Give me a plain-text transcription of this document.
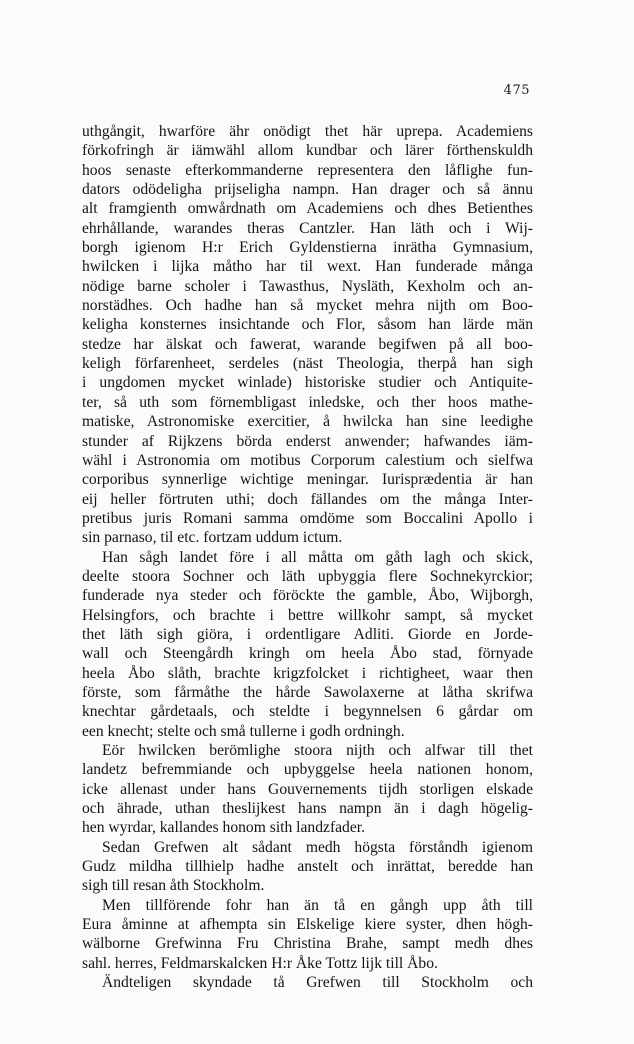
475
uthgångit, hwarföre ähr onödigt thet här uprepa. Academiens
förkofringh är iämwähl allom kundbar och lärer förthenskuldh
hoos senaste efterkommanderne representera den låflighe fun-
dators odödeligha prijseligha nampn. Han drager och så ännu
alt framgienth omwårdnath om Academiens och dhes Betienthes
ehrhållande, warandes theras Cantzler. Han läth och i Wij-
borgh igienom H:r Erich Gyldenstierna inrätha Gymnasium,
hwilcken i lijka måtho har til wext. Han funderade många
nödige barne scholer i Tawasthus, Nysläth, Kexholm och an-
norstädhes. Och hadhe han så mycket mehra nijth om Boo-
keligha konsternes insichtande och Flor, såsom han lärde män
stedze har älskat och fawerat, warande begifwen på all boo-
keligh förfarenheet, serdeles (näst Theologia, therpå han sigh
i ungdomen mycket winlade) historiske studier och Antiquite-
ter, så uth som förnembligast inledske, och ther hoos mathe-
matiske, Astronomiske exercitier, å hwilcka han sine leedighe
stunder af Rijkzens börda enderst anwender; hafwandes iäm-
wähl i Astronomia om motibus Corporum calestium och sielfwa
corporibus synnerlige wichtige meningar. Iurisprædentia är han
eij heller förtruten uthi; doch fällandes om the många Inter-
pretibus juris Romani samma omdöme som Boccalini Apollo i
sin parnaso, til etc. fortzam uddum ictum.
Han sågh landet före i all måtta om gåth lagh och skick,
deelte stoora Sochner och läth upbyggia flere Sochnekyrckior;
funderade nya steder och föröckte the gamble, Åbo, Wijborgh,
Helsingfors, och brachte i bettre willkohr sampt, så mycket
thet läth sigh giöra, i ordentligare Adliti. Giorde en Jorde-
wall och Steengårdh kringh om heela Åbo stad, förnyade
heela Åbo slåth, brachte krigzfolcket i richtigheet, waar then
förste, som fårmåthe the hårde Sawolaxerne at låtha skrifwa
knechtar gårdetaals, och steldte i begynnelsen 6 gårdar om
een knecht; stelte och små tullerne i godh ordningh.
Eör hwilcken berömlighe stoora nijth och alfwar till thet
landetz befremmiande och upbyggelse heela nationen honom,
icke allenast under hans Gouvernements tijdh storligen elskade
och ährade, uthan theslijkest hans nampn än i dagh högelig-
hen wyrdar, kallandes honom sith landzfader.
Sedan Grefwen alt sådant medh högsta förståndh igienom
Gudz mildha tillhielp hadhe anstelt och inrättat, beredde han
sigh till resan åth Stockholm.
Men tillförende fohr han än tå en gångh upp åth till
Eura åminne at afhempta sin Elskelige kiere syster, dhen högh-
wälborne Grefwinna Fru Christina Brahe, sampt medh dhes
sahl. herres, Feldmarskalcken H:r Åke Tottz lijk till Åbo.
Ändteligen skyndade tå Grefwen till Stockholm och
